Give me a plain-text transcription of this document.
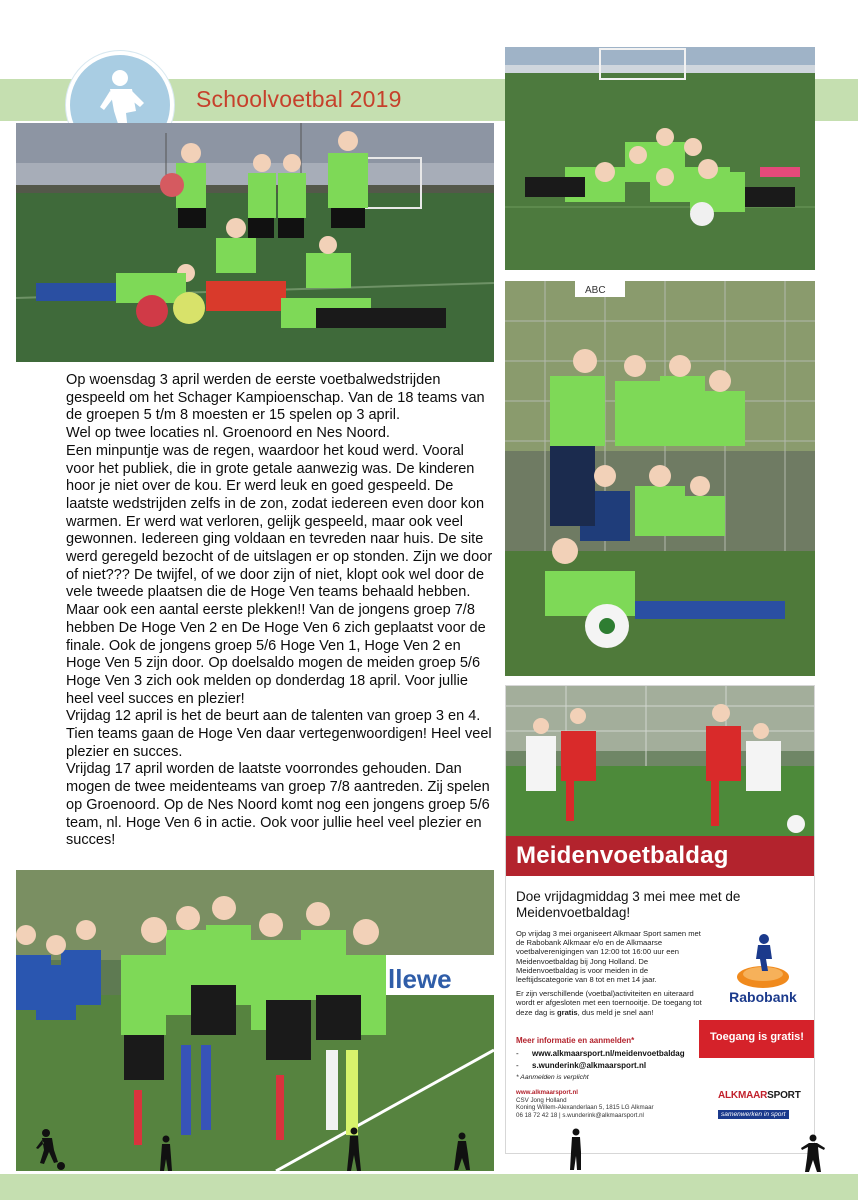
Schoolvoetbal 2019
ABC
llewe

Op woensdag 3 april werden de eerste voetbalwedstrijden gespeeld om het Schager Kampioenschap. Van de 18 teams van de groepen 5 t/m 8 moesten er 15 spelen op 3 april.

Wel op twee locaties nl. Groenoord en Nes Noord.

Een minpuntje was de regen, waardoor het koud werd. Vooral voor het publiek, die in grote getale aanwezig was. De kinderen hoor je niet over de kou. Er werd leuk en goed gespeeld. De laatste wedstrijden zelfs in de zon, zodat iedereen even door kon warmen. Er werd wat verloren, gelijk gespeeld, maar ook veel gewonnen. Iedereen ging voldaan en tevreden naar huis. De site werd geregeld bezocht of de uitslagen er op stonden. Zijn we door of niet??? De twijfel, of we door zijn of niet, klopt ook wel door de vele tweede plaatsen die de Hoge Ven teams behaald hebben. Maar ook een aantal eerste plekken!! Van de jongens groep 7/8 hebben De Hoge Ven 2 en De Hoge Ven 6 zich geplaatst voor de finale. Ook de jongens groep 5/6 Hoge Ven 1, Hoge Ven 2 en Hoge Ven 5 zijn door. Op doelsaldo mogen de meiden groep 5/6 Hoge Ven 3 zich ook melden op donderdag 18 april. Voor jullie heel veel succes en plezier!

Vrijdag 12 april is het de beurt aan de talenten van groep 3 en 4. Tien teams gaan de Hoge Ven daar vertegenwoordigen! Heel veel plezier en succes.

Vrijdag 17 april worden de laatste voorrondes gehouden. Dan mogen de twee meidenteams van groep 7/8 aantreden. Zij spelen op Groenoord. Op de Nes Noord komt nog een jongens groep 5/6 team, nl. Hoge Ven 6 in actie. Ook voor jullie heel veel plezier en succes!

Meidenvoetbaldag
Doe vrijdagmiddag 3 mei mee met de Meidenvoetbaldag!

Op vrijdag 3 mei organiseert Alkmaar Sport samen met de Rabobank Alkmaar e/o en de Alkmaarse voetbalverenigingen van 12:00 tot 16:00 uur een Meidenvoetbaldag bij Jong Holland. De Meidenvoetbaldag is voor meiden in de leeftijdscategorie van 8 tot en met 14 jaar.

Er zijn verschillende (voetbal)activiteiten en uiteraard wordt er afgesloten met een toernooitje. De toegang tot deze dag is gratis, dus meld je snel aan!

Meer informatie en aanmelden*
- www.alkmaarsport.nl/meidenvoetbaldag
- s.wunderink@alkmaarsport.nl
* Aanmelden is verplicht
www.alkmaarsport.nl
CSV Jong Holland
Koning Willem-Alexanderlaan 5, 1815 LG Alkmaar
06 18 72 42 18 | s.wunderink@alkmaarsport.nl
Rabobank
Toegang is gratis!
ALKMAARSPORT
samenwerken in sport
